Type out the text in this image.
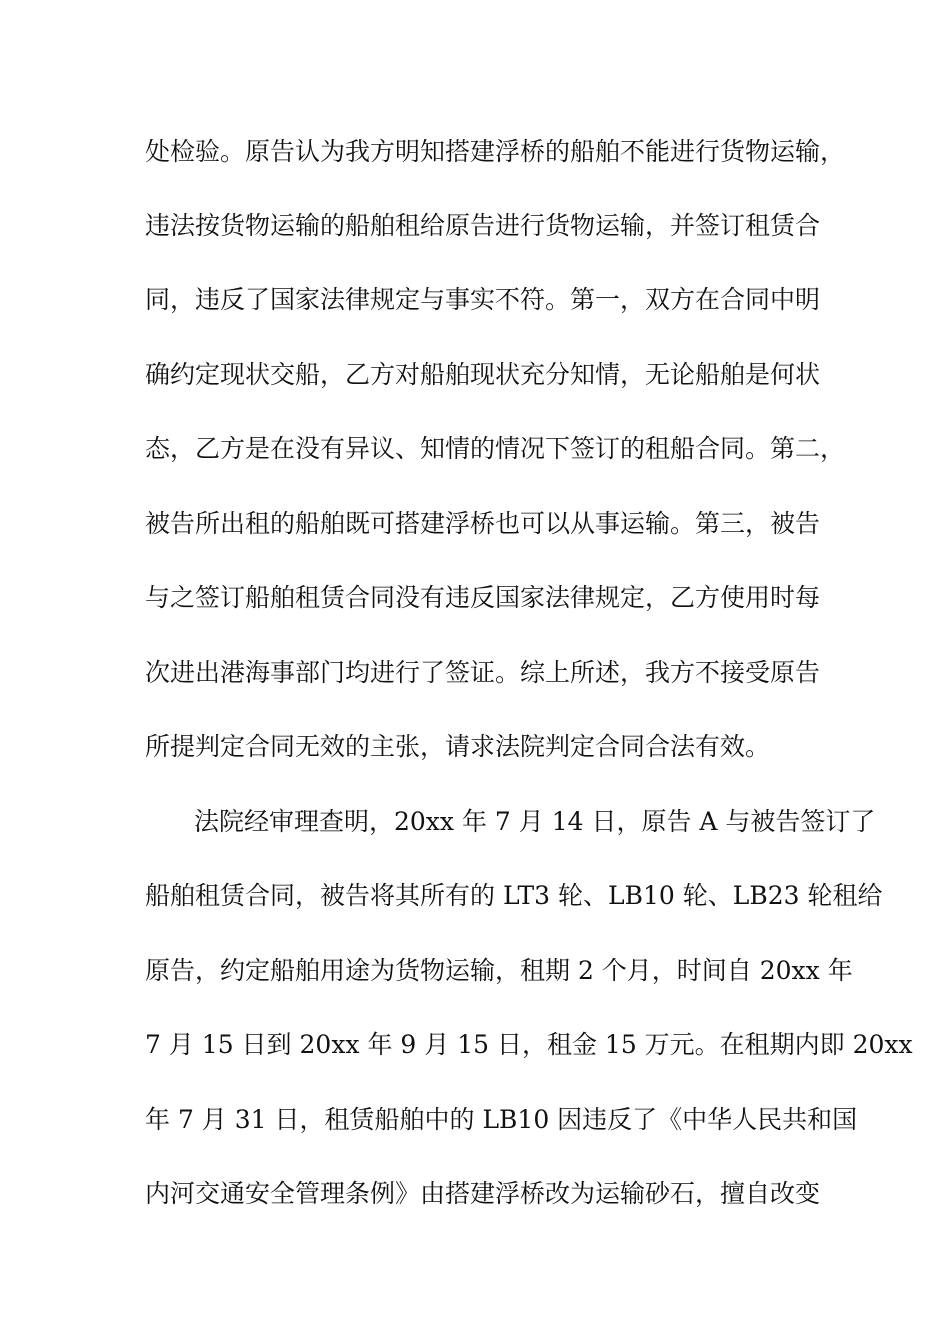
处检验。原告认为我方明知搭建浮桥的船舶不能进行货物运输，
违法按货物运输的船舶租给原告进行货物运输，并签订租赁合
同，违反了国家法律规定与事实不符。第一，双方在合同中明
确约定现状交船，乙方对船舶现状充分知情，无论船舶是何状
态，乙方是在没有异议、知情的情况下签订的租船合同。第二，
被告所出租的船舶既可搭建浮桥也可以从事运输。第三，被告
与之签订船舶租赁合同没有违反国家法律规定，乙方使用时每
次进出港海事部门均进行了签证。综上所述，我方不接受原告
所提判定合同无效的主张，请求法院判定合同合法有效。
法院经审理查明，20xx 年 7 月 14 日，原告 A 与被告签订了
船舶租赁合同，被告将其所有的 LT3 轮、LB10 轮、LB23 轮租给
原告，约定船舶用途为货物运输，租期 2 个月，时间自 20xx 年
7 月 15 日到 20xx 年 9 月 15 日，租金 15 万元。在租期内即 20xx
年 7 月 31 日，租赁船舶中的 LB10 因违反了《中华人民共和国
内河交通安全管理条例》由搭建浮桥改为运输砂石，擅自改变
